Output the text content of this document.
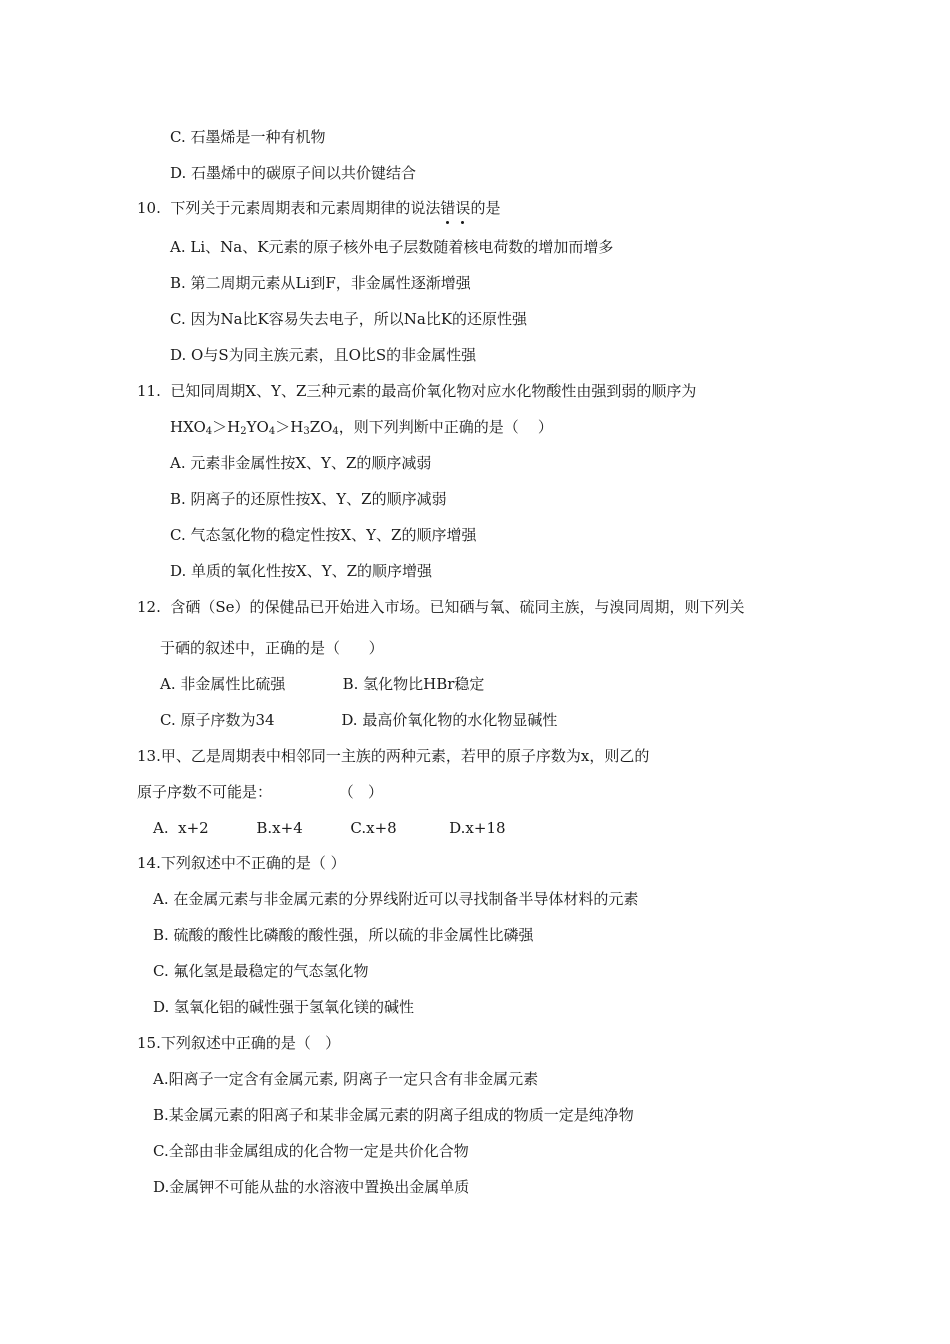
C. 石墨烯是一种有机物
D. 石墨烯中的碳原子间以共价键结合
10.  下列关于元素周期表和元素周期律的说法错误的是
A. Li、Na、K元素的原子核外电子层数随着核电荷数的增加而增多
B. 第二周期元素从Li到F，非金属性逐渐增强
C. 因为Na比K容易失去电子，所以Na比K的还原性强
D. O与S为同主族元素，且O比S的非金属性强
11.  已知同周期X、Y、Z三种元素的最高价氧化物对应水化物酸性由强到弱的顺序为
$HXO_4>H_2YO_4>H_3ZO_4$，则下列判断中正确的是（    ）
A. 元素非金属性按X、Y、Z的顺序减弱
B. 阴离子的还原性按X、Y、Z的顺序减弱
C. 气态氢化物的稳定性按X、Y、Z的顺序增强
D. 单质的氧化性按X、Y、Z的顺序增强
12.  含硒（Se）的保健品已开始进入市场。已知硒与氧、硫同主族，与溴同周期，则下列关
于硒的叙述中，正确的是（      ）
A. 非金属性比硫强            B. 氢化物比HBr稳定
C. 原子序数为34              D. 最高价氧化物的水化物显碱性
13.甲、乙是周期表中相邻同一主族的两种元素，若甲的原子序数为x，则乙的
原子序数不可能是：              （   ）
A.  x+2          B.x+4          C.x+8           D.x+18
14.下列叙述中不正确的是（ ）
A. 在金属元素与非金属元素的分界线附近可以寻找制备半导体材料的元素
B. 硫酸的酸性比磷酸的酸性强，所以硫的非金属性比磷强
C. 氟化氢是最稳定的气态氢化物
D. 氢氧化铝的碱性强于氢氧化镁的碱性
15.下列叙述中正确的是（   ）
A.阳离子一定含有金属元素, 阴离子一定只含有非金属元素
B.某金属元素的阳离子和某非金属元素的阴离子组成的物质一定是纯净物
C.全部由非金属组成的化合物一定是共价化合物
D.金属钾不可能从盐的水溶液中置换出金属单质
